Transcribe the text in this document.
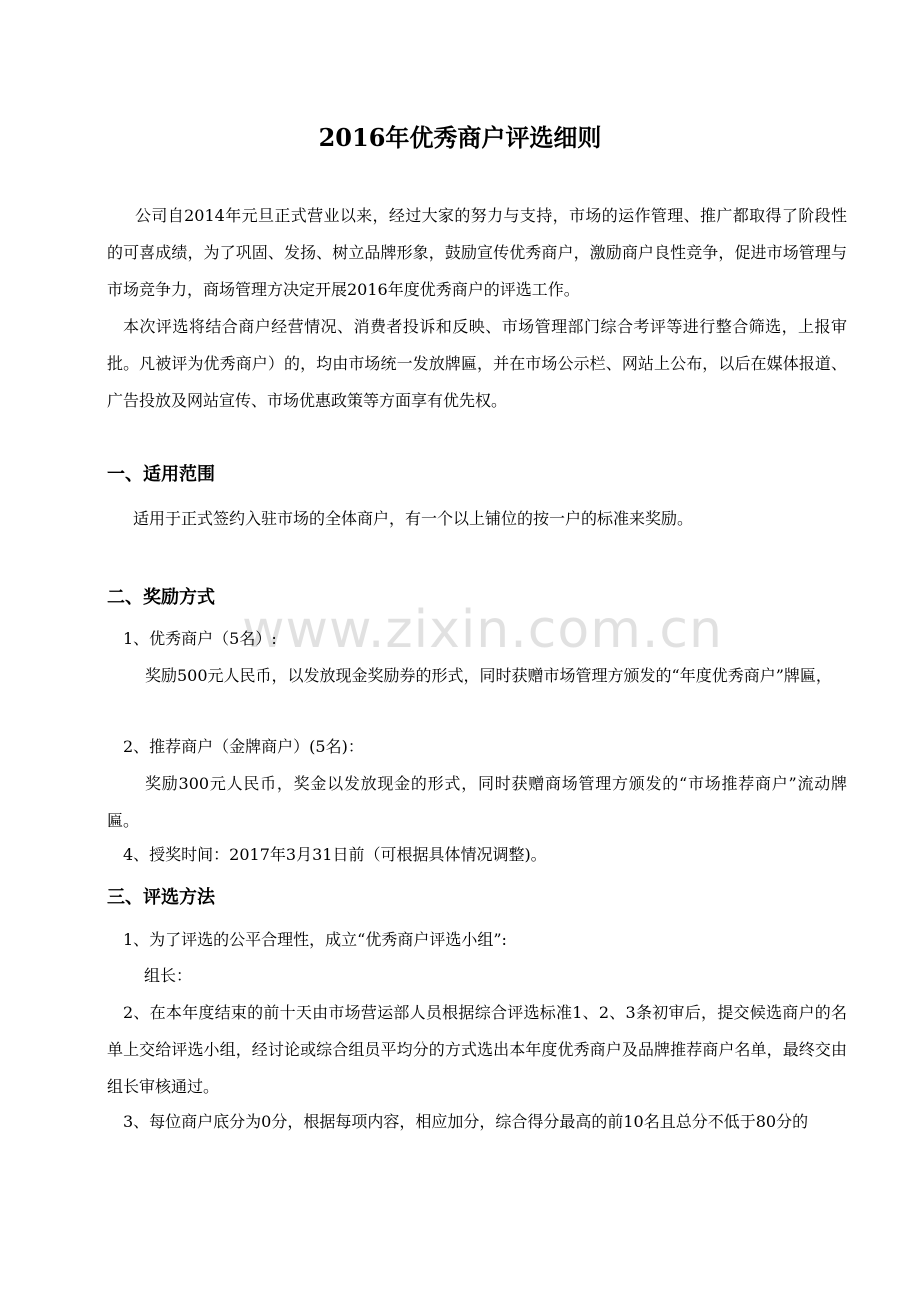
www.zixin.com.cn
2016年优秀商户评选细则

公司自2014年元旦正式营业以来，经过大家的努力与支持，市场的运作管理、推广都取得了阶段性的可喜成绩，为了巩固、发扬、树立品牌形象，鼓励宣传优秀商户，激励商户良性竞争，促进市场管理与市场竞争力，商场管理方决定开展2016年度优秀商户的评选工作。

本次评选将结合商户经营情况、消费者投诉和反映、市场管理部门综合考评等进行整合筛选，上报审批。凡被评为优秀商户）的，均由市场统一发放牌匾，并在市场公示栏、网站上公布，以后在媒体报道、广告投放及网站宣传、市场优惠政策等方面享有优先权。

一、适用范围

适用于正式签约入驻市场的全体商户，有一个以上铺位的按一户的标准来奖励。

二、奖励方式

1、优秀商户（5名）:

奖励500元人民币，以发放现金奖励券的形式，同时获赠市场管理方颁发的“年度优秀商户”牌匾，

2、推荐商户（金牌商户）(5名)：

奖励300元人民币，奖金以发放现金的形式，同时获赠商场管理方颁发的“市场推荐商户”流动牌匾。

4、授奖时间：2017年3月31日前（可根据具体情况调整)。

三、评选方法

1、为了评选的公平合理性，成立“优秀商户评选小组”:

组长：

2、在本年度结束的前十天由市场营运部人员根据综合评选标准1、2、3条初审后，提交候选商户的名单上交给评选小组，经讨论或综合组员平均分的方式选出本年度优秀商户及品牌推荐商户名单，最终交由组长审核通过。

3、每位商户底分为0分，根据每项内容，相应加分，综合得分最高的前10名且总分不低于80分的
